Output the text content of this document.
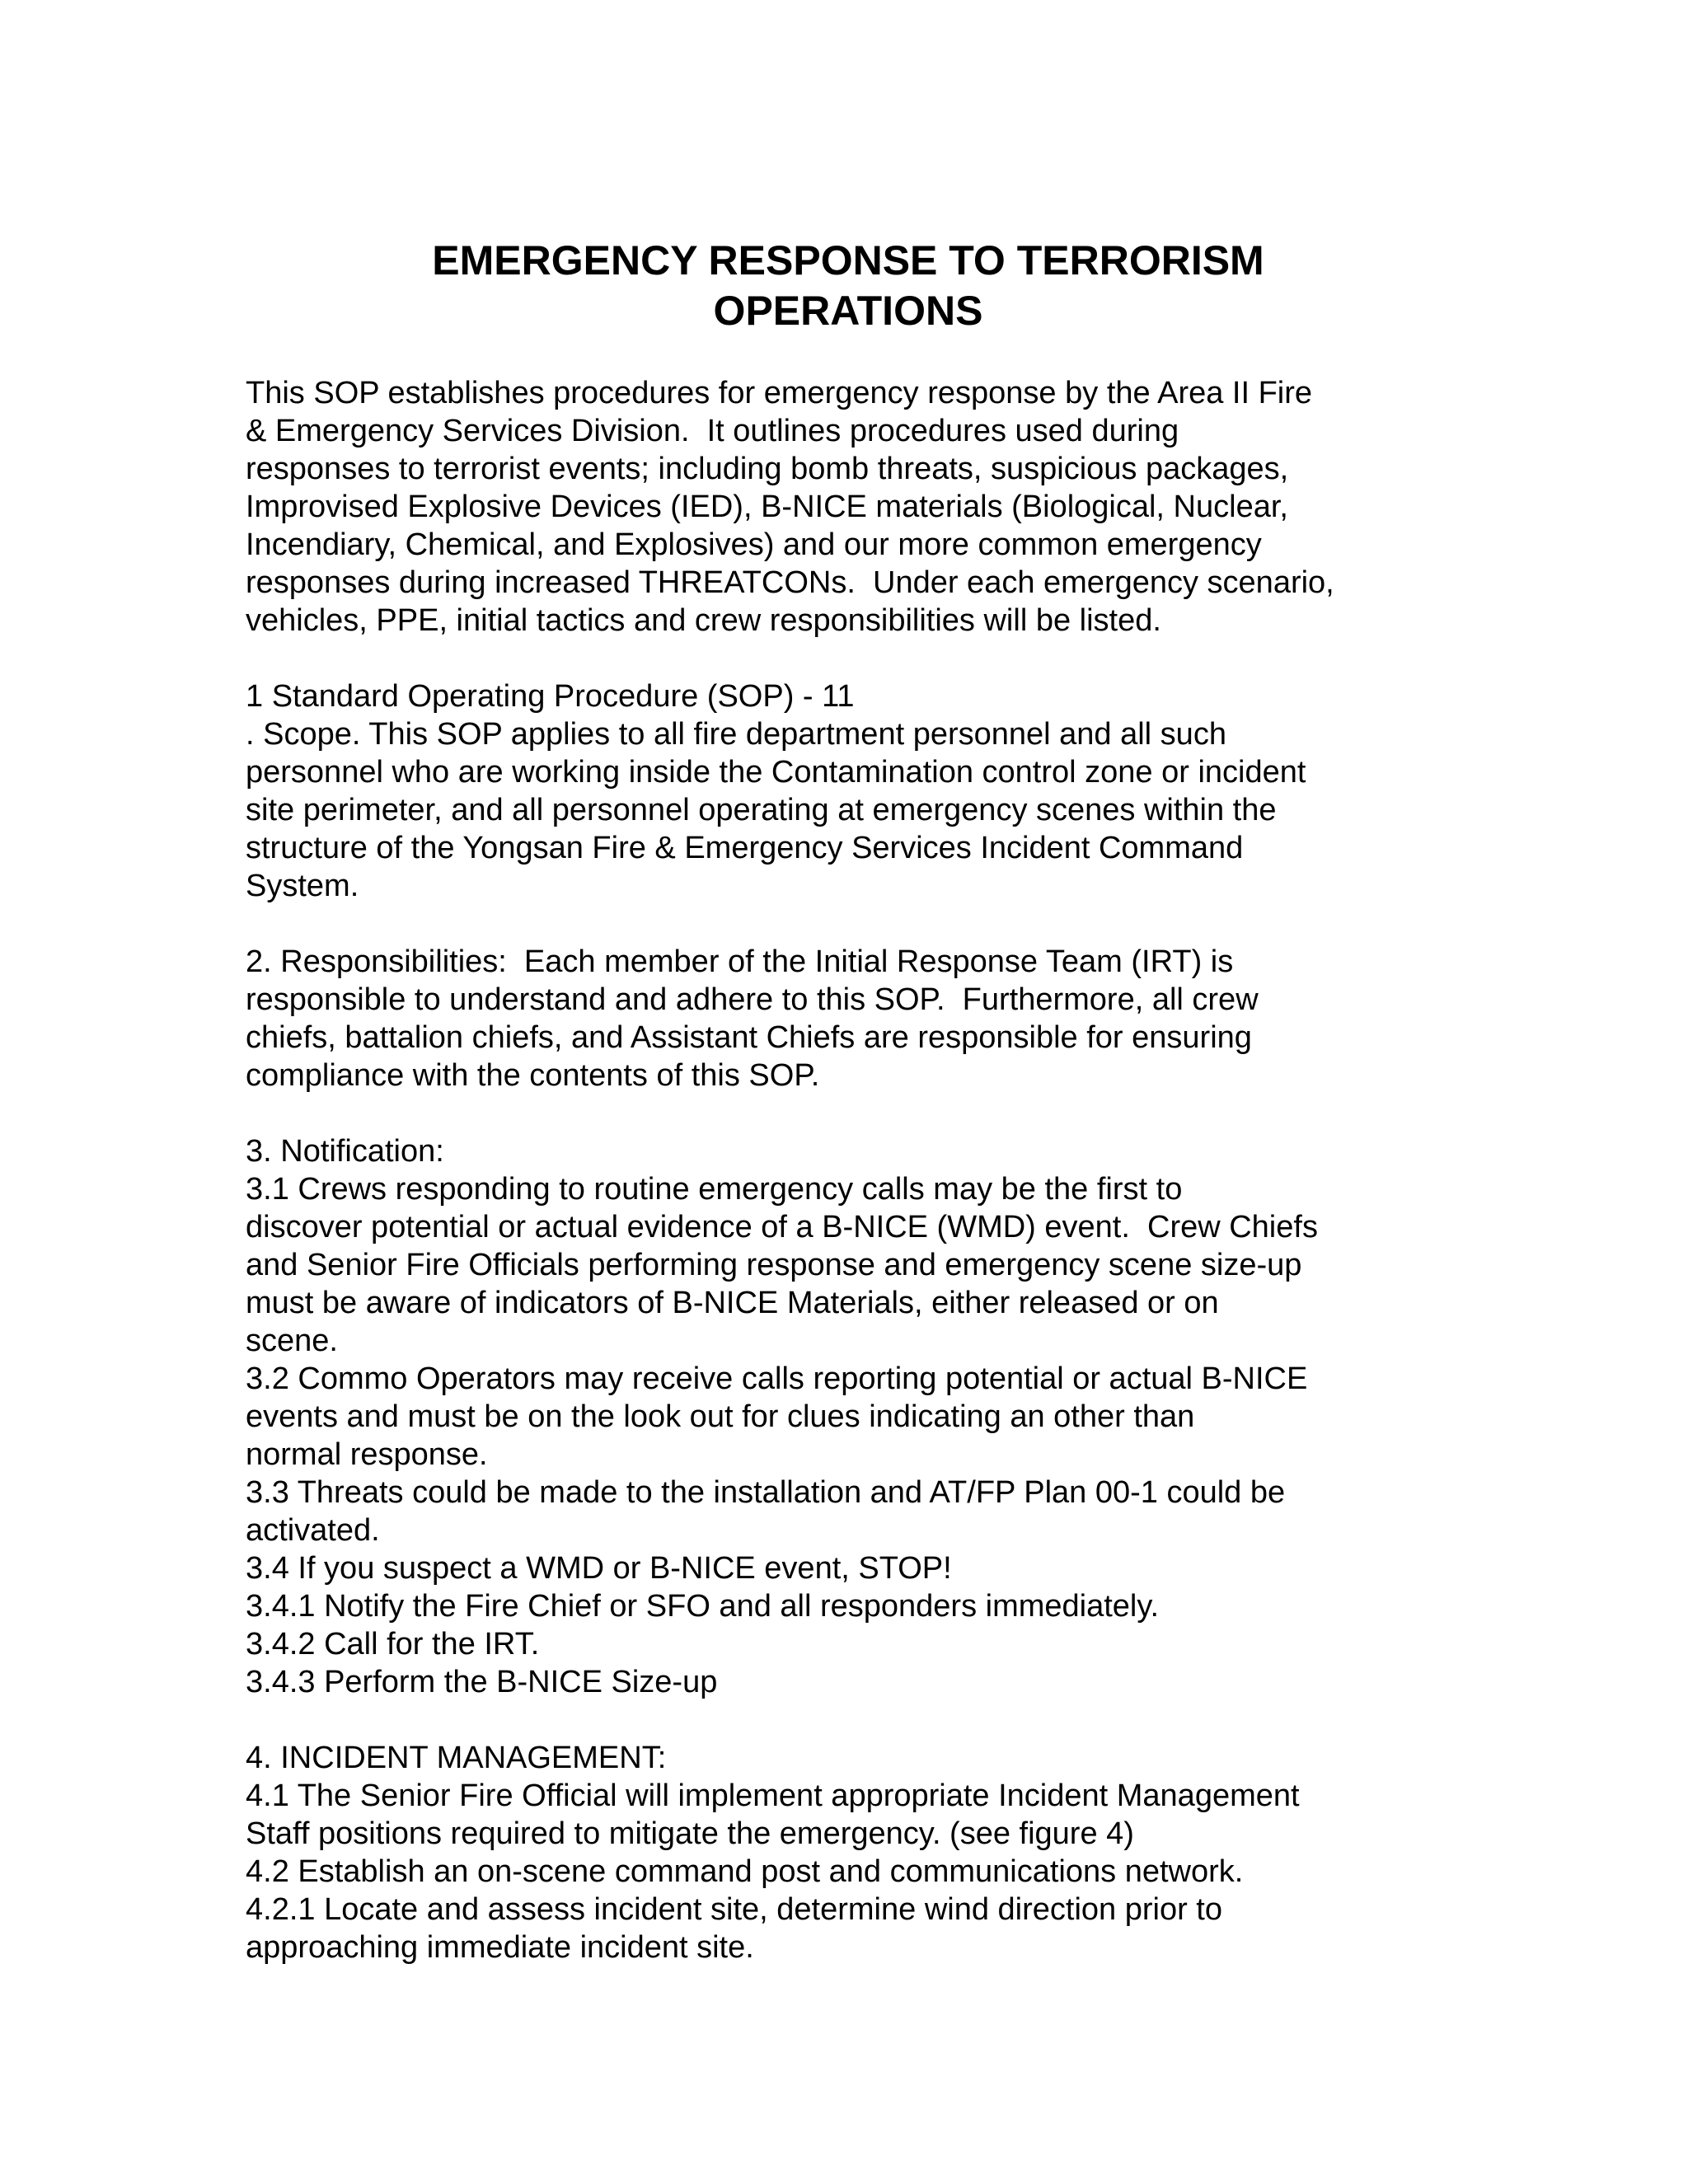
EMERGENCY RESPONSE TO TERRORISM
OPERATIONS
This SOP establishes procedures for emergency response by the Area II Fire
& Emergency Services Division.  It outlines procedures used during
responses to terrorist events; including bomb threats, suspicious packages,
Improvised Explosive Devices (IED), B-NICE materials (Biological, Nuclear,
Incendiary, Chemical, and Explosives) and our more common emergency
responses during increased THREATCONs.  Under each emergency scenario,
vehicles, PPE, initial tactics and crew responsibilities will be listed.
1 Standard Operating Procedure (SOP) - 11
. Scope. This SOP applies to all fire department personnel and all such
personnel who are working inside the Contamination control zone or incident
site perimeter, and all personnel operating at emergency scenes within the
structure of the Yongsan Fire & Emergency Services Incident Command
System.
2. Responsibilities:  Each member of the Initial Response Team (IRT) is
responsible to understand and adhere to this SOP.  Furthermore, all crew
chiefs, battalion chiefs, and Assistant Chiefs are responsible for ensuring
compliance with the contents of this SOP.
3. Notification:
3.1 Crews responding to routine emergency calls may be the first to
discover potential or actual evidence of a B-NICE (WMD) event.  Crew Chiefs
and Senior Fire Officials performing response and emergency scene size-up
must be aware of indicators of B-NICE Materials, either released or on
scene.
3.2 Commo Operators may receive calls reporting potential or actual B-NICE
events and must be on the look out for clues indicating an other than
normal response.
3.3 Threats could be made to the installation and AT/FP Plan 00-1 could be
activated.
3.4 If you suspect a WMD or B-NICE event, STOP!
3.4.1 Notify the Fire Chief or SFO and all responders immediately.
3.4.2 Call for the IRT.
3.4.3 Perform the B-NICE Size-up
4. INCIDENT MANAGEMENT:
4.1 The Senior Fire Official will implement appropriate Incident Management
Staff positions required to mitigate the emergency. (see figure 4)
4.2 Establish an on-scene command post and communications network.
4.2.1 Locate and assess incident site, determine wind direction prior to
approaching immediate incident site.
